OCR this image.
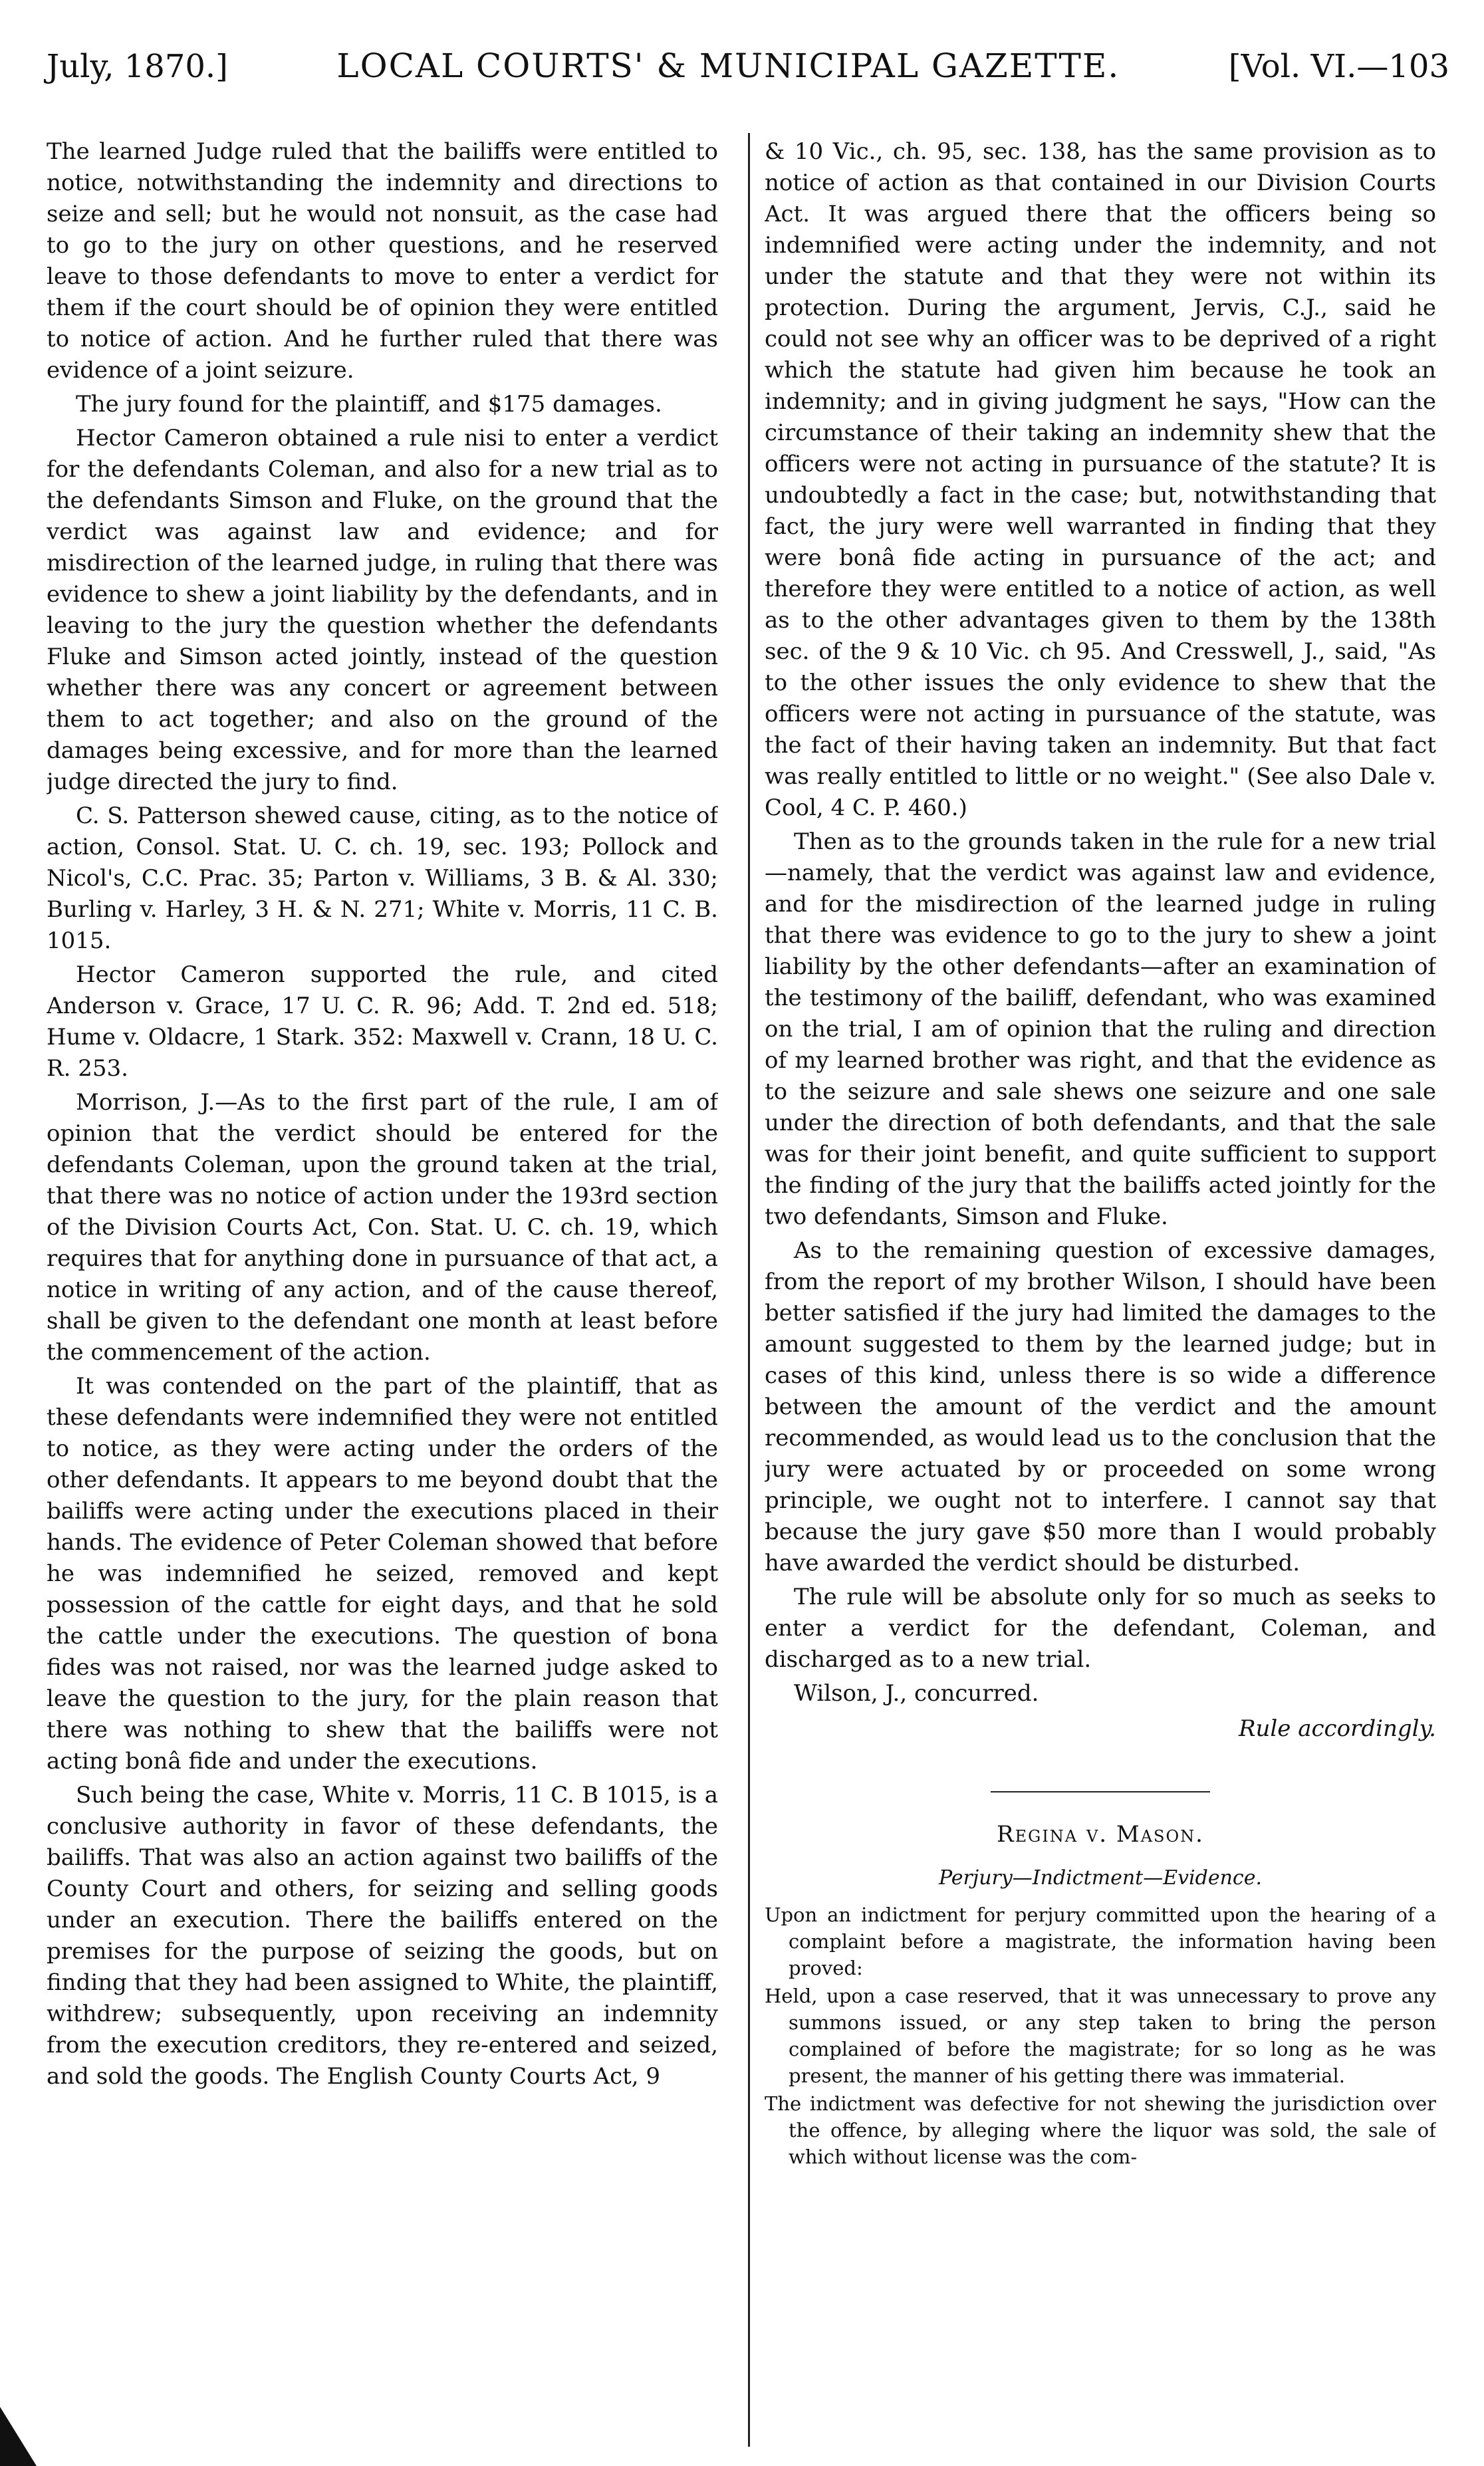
July, 1870.]	LOCAL COURTS' & MUNICIPAL GAZETTE.	[Vol. VI.—103

The learned Judge ruled that the bailiffs were entitled to notice, notwithstanding the indemnity and directions to seize and sell; but he would not nonsuit, as the case had to go to the jury on other questions, and he reserved leave to those defendants to move to enter a verdict for them if the court should be of opinion they were entitled to notice of action. And he further ruled that there was evidence of a joint seizure.

The jury found for the plaintiff, and $175 damages.

Hector Cameron obtained a rule nisi to enter a verdict for the defendants Coleman, and also for a new trial as to the defendants Simson and Fluke, on the ground that the verdict was against law and evidence; and for misdirection of the learned judge, in ruling that there was evidence to shew a joint liability by the defendants, and in leaving to the jury the question whether the defendants Fluke and Simson acted jointly, instead of the question whether there was any concert or agreement between them to act together; and also on the ground of the damages being excessive, and for more than the learned judge directed the jury to find.

C. S. Patterson shewed cause, citing, as to the notice of action, Consol. Stat. U. C. ch. 19, sec. 193; Pollock and Nicol's, C.C. Prac. 35; Parton v. Williams, 3 B. & Al. 330; Burling v. Harley, 3 H. & N. 271; White v. Morris, 11 C. B. 1015.

Hector Cameron supported the rule, and cited Anderson v. Grace, 17 U. C. R. 96; Add. T. 2nd ed. 518; Hume v. Oldacre, 1 Stark. 352: Maxwell v. Crann, 18 U. C. R. 253.

Morrison, J.—As to the first part of the rule, I am of opinion that the verdict should be entered for the defendants Coleman, upon the ground taken at the trial, that there was no notice of action under the 193rd section of the Division Courts Act, Con. Stat. U. C. ch. 19, which requires that for anything done in pursuance of that act, a notice in writing of any action, and of the cause thereof, shall be given to the defendant one month at least before the commencement of the action.

It was contended on the part of the plaintiff, that as these defendants were indemnified they were not entitled to notice, as they were acting under the orders of the other defendants. It appears to me beyond doubt that the bailiffs were acting under the executions placed in their hands. The evidence of Peter Coleman showed that before he was indemnified he seized, removed and kept possession of the cattle for eight days, and that he sold the cattle under the executions. The question of bona fides was not raised, nor was the learned judge asked to leave the question to the jury, for the plain reason that there was nothing to shew that the bailiffs were not acting bonâ fide and under the executions.

Such being the case, White v. Morris, 11 C. B 1015, is a conclusive authority in favor of these defendants, the bailiffs. That was also an action against two bailiffs of the County Court and others, for seizing and selling goods under an execution. There the bailiffs entered on the premises for the purpose of seizing the goods, but on finding that they had been assigned to White, the plaintiff, withdrew; subsequently, upon receiving an indemnity from the execution creditors, they re-entered and seized, and sold the goods. The English County Courts Act, 9

& 10 Vic., ch. 95, sec. 138, has the same provision as to notice of action as that contained in our Division Courts Act. It was argued there that the officers being so indemnified were acting under the indemnity, and not under the statute and that they were not within its protection. During the argument, Jervis, C.J., said he could not see why an officer was to be deprived of a right which the statute had given him because he took an indemnity; and in giving judgment he says, "How can the circumstance of their taking an indemnity shew that the officers were not acting in pursuance of the statute? It is undoubtedly a fact in the case; but, notwithstanding that fact, the jury were well warranted in finding that they were bonâ fide acting in pursuance of the act; and therefore they were entitled to a notice of action, as well as to the other advantages given to them by the 138th sec. of the 9 & 10 Vic. ch 95. And Cresswell, J., said, "As to the other issues the only evidence to shew that the officers were not acting in pursuance of the statute, was the fact of their having taken an indemnity. But that fact was really entitled to little or no weight." (See also Dale v. Cool, 4 C. P. 460.)

Then as to the grounds taken in the rule for a new trial—namely, that the verdict was against law and evidence, and for the misdirection of the learned judge in ruling that there was evidence to go to the jury to shew a joint liability by the other defendants—after an examination of the testimony of the bailiff, defendant, who was examined on the trial, I am of opinion that the ruling and direction of my learned brother was right, and that the evidence as to the seizure and sale shews one seizure and one sale under the direction of both defendants, and that the sale was for their joint benefit, and quite sufficient to support the finding of the jury that the bailiffs acted jointly for the two defendants, Simson and Fluke.

As to the remaining question of excessive damages, from the report of my brother Wilson, I should have been better satisfied if the jury had limited the damages to the amount suggested to them by the learned judge; but in cases of this kind, unless there is so wide a difference between the amount of the verdict and the amount recommended, as would lead us to the conclusion that the jury were actuated by or proceeded on some wrong principle, we ought not to interfere. I cannot say that because the jury gave $50 more than I would probably have awarded the verdict should be disturbed.

The rule will be absolute only for so much as seeks to enter a verdict for the defendant, Coleman, and discharged as to a new trial.

Wilson, J., concurred.

Rule accordingly.
Regina v. Mason.
Perjury—Indictment—Evidence.

Upon an indictment for perjury committed upon the hearing of a complaint before a magistrate, the information having been proved:

Held, upon a case reserved, that it was unnecessary to prove any summons issued, or any step taken to bring the person complained of before the magistrate; for so long as he was present, the manner of his getting there was immaterial.

The indictment was defective for not shewing the jurisdiction over the offence, by alleging where the liquor was sold, the sale of which without license was the com-
